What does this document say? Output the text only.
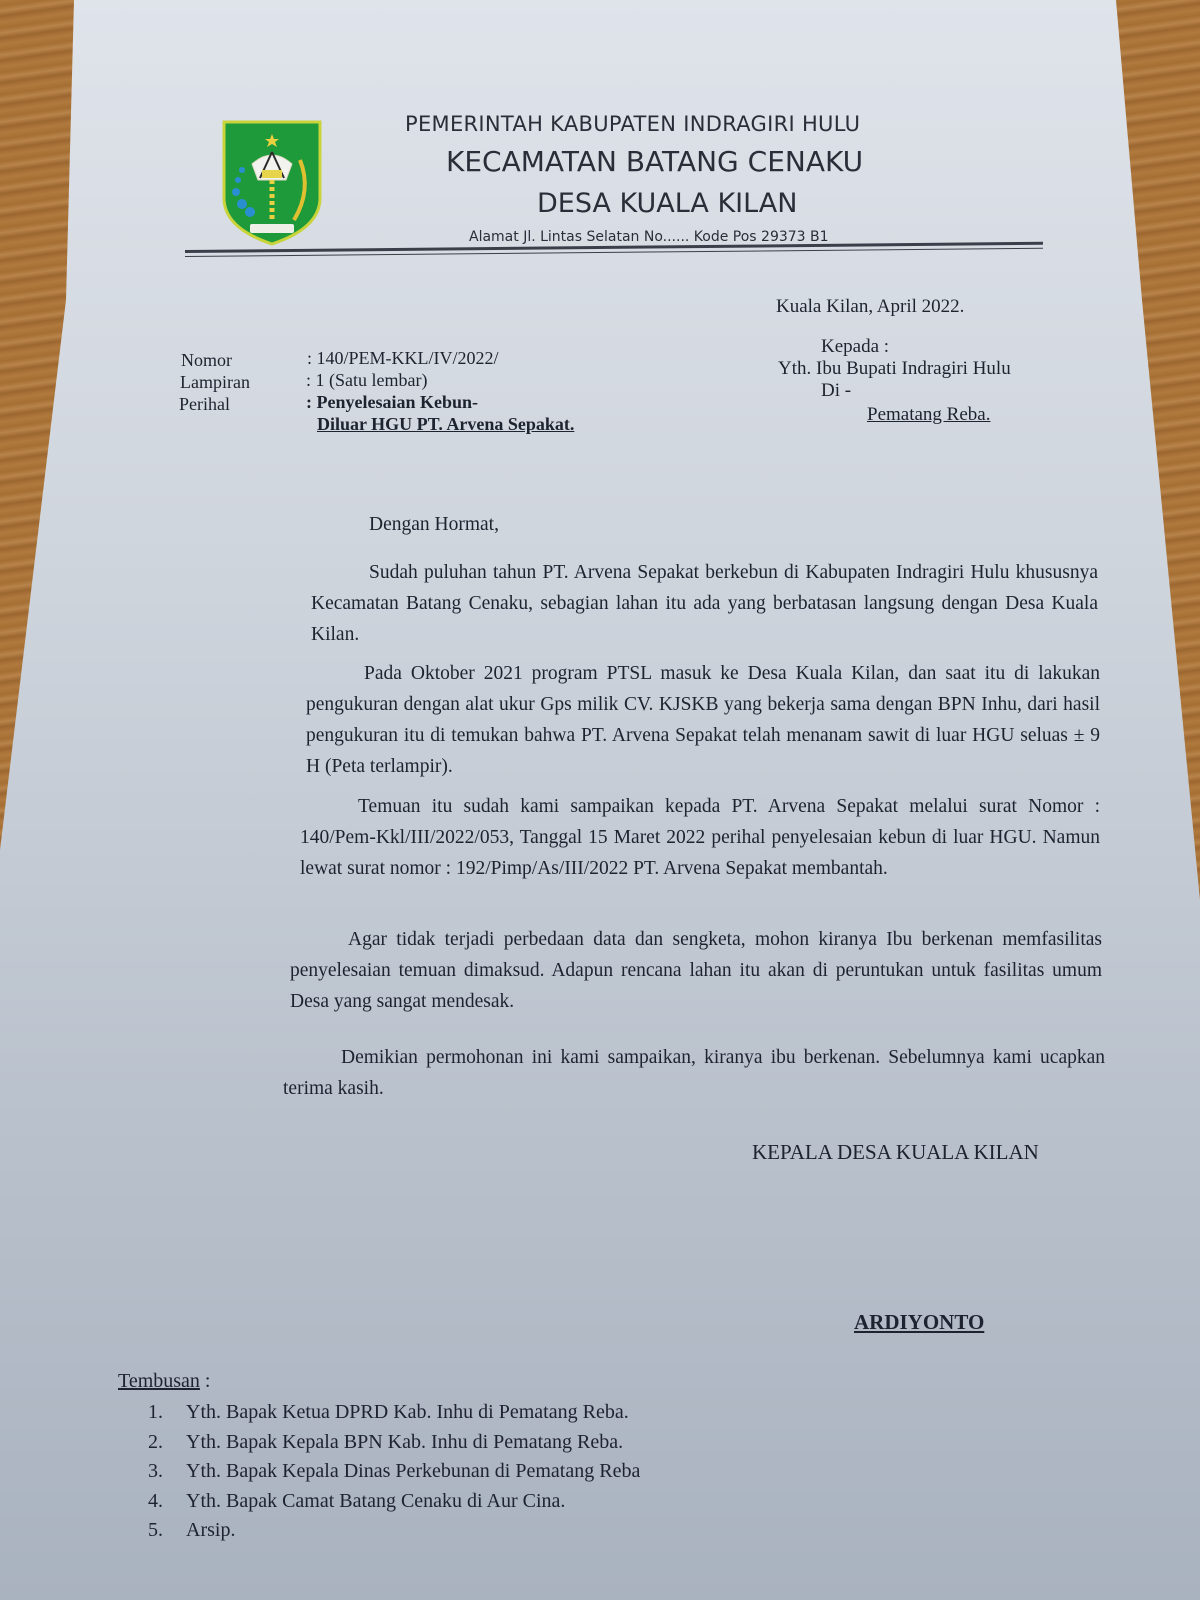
PEMERINTAH KABUPATEN INDRAGIRI HULU
KECAMATAN BATANG CENAKU
DESA KUALA KILAN
Alamat Jl. Lintas Selatan No...... Kode Pos 29373 B1
Kuala Kilan, April 2022.
Nomor	: 140/PEM-KKL/IV/2022/
Lampiran	: 1 (Satu lembar)
Perihal	: Penyelesaian Kebun-
Diluar HGU PT. Arvena Sepakat.
Kepada :
Yth. Ibu Bupati Indragiri Hulu
Di -
Pematang Reba.
Dengan Hormat,
Sudah puluhan tahun PT. Arvena Sepakat berkebun di Kabupaten Indragiri Hulu khususnya Kecamatan Batang Cenaku, sebagian lahan itu ada yang berbatasan langsung dengan Desa Kuala Kilan.
Pada Oktober 2021 program PTSL masuk ke Desa Kuala Kilan, dan saat itu di lakukan pengukuran dengan alat ukur Gps milik CV. KJSKB yang bekerja sama dengan BPN Inhu, dari hasil pengukuran itu di temukan bahwa PT. Arvena Sepakat telah menanam sawit di luar HGU seluas ± 9 H (Peta terlampir).
Temuan itu sudah kami sampaikan kepada PT. Arvena Sepakat melalui surat Nomor : 140/Pem-Kkl/III/2022/053, Tanggal 15 Maret 2022 perihal penyelesaian kebun di luar HGU. Namun lewat surat nomor : 192/Pimp/As/III/2022 PT. Arvena Sepakat membantah.
Agar tidak terjadi perbedaan data dan sengketa, mohon kiranya Ibu berkenan memfasilitas penyelesaian temuan dimaksud. Adapun rencana lahan itu akan di peruntukan untuk fasilitas umum Desa yang sangat mendesak.
Demikian permohonan ini kami sampaikan, kiranya ibu berkenan. Sebelumnya kami ucapkan terima kasih.
KEPALA DESA KUALA KILAN
ARDIYONTO
Tembusan :
1.	Yth. Bapak Ketua DPRD Kab. Inhu di Pematang Reba.
2.	Yth. Bapak Kepala BPN Kab. Inhu di Pematang Reba.
3.	Yth. Bapak Kepala Dinas Perkebunan di Pematang Reba
4.	Yth. Bapak Camat Batang Cenaku di Aur Cina.
5.	Arsip.
